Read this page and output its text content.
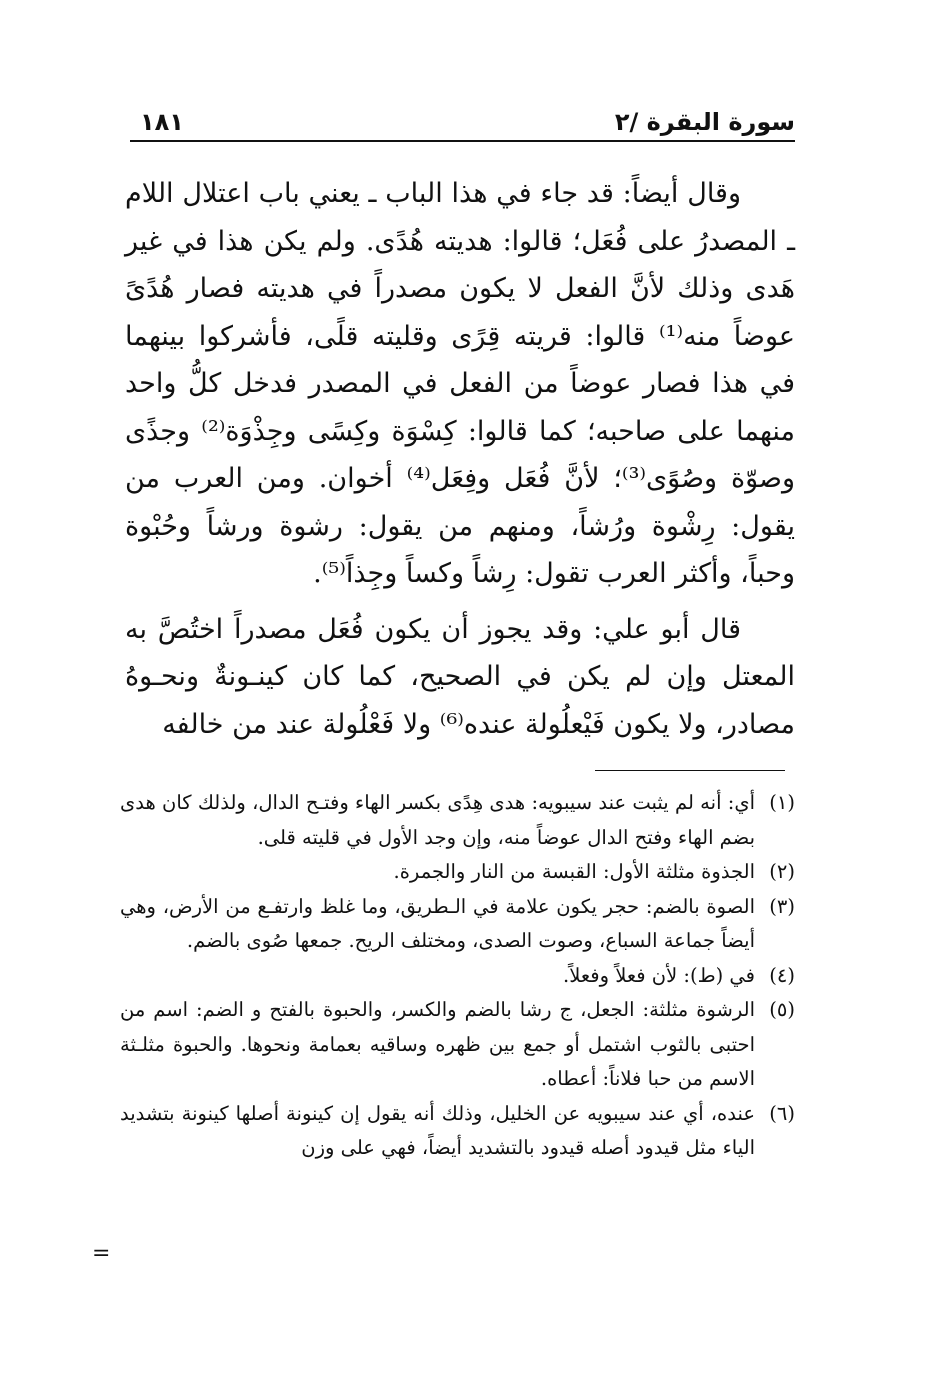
سورة البقرة /٢
١٨١

وقال أيضاً: قد جاء في هذا الباب ـ يعني باب اعتلال اللام ـ المصدرُ على فُعَل؛ قالوا: هديته هُدًى. ولم يكن هذا في غير هَدى وذلك لأنَّ الفعل لا يكون مصدراً في هديته فصار هُدًىً عوضاً منه⁽¹⁾ قالوا: قريته قِرًى وقليته قلًى، فأشركوا بينهما في هذا فصار عوضاً من الفعل في المصدر فدخل كلُّ واحد منهما على صاحبه؛ كما قالوا: كِسْوَة وكِسًى وجِذْوَة⁽²⁾ وجذًى وصوّة وصُوًى⁽³⁾؛ لأنَّ فُعَل وفِعَل⁽⁴⁾ أخوان. ومن العرب من يقول: رِشْوة ورُشاً، ومنهم من يقول: رشوة ورشاً وحُبْوة وحباً، وأكثر العرب تقول: رِشاً وكساً وجِذاً⁽⁵⁾.

قال أبو علي: وقد يجوز أن يكون فُعَل مصدراً اختُصَّ به المعتل وإن لم يكن في الصحيح، كما كان كينـونةٌ ونحـوهُ مصادر، ولا يكون فَيْعلُولة عنده⁽⁶⁾ ولا فَعْلُولة عند من خالفه

(١)
أي: أنه لم يثبت عند سيبويه: هدى هِدًى بكسر الهاء وفتـح الدال، ولذلك كان هدى بضم الهاء وفتح الدال عوضاً منه، وإن وجد الأول في قليته قلى.

(٢)
الجذوة مثلثة الأول: القبسة من النار والجمرة.

(٣)
الصوة بالضم: حجر يكون علامة في الـطريق، وما غلظ وارتفـع من الأرض، وهي أيضاً جماعة السباع، وصوت الصدى، ومختلف الريح. جمعها صُوى بالضم.

(٤)
في (ط): لأن فعلاً وفعلاً.

(٥)
الرشوة مثلثة: الجعل، ج رشا بالضم والكسر، والحبوة بالفتح و الضم: اسم من احتبى بالثوب اشتمل أو جمع بين ظهره وساقيه بعمامة ونحوها. والحبوة مثلـثة الاسم من حبا فلاناً: أعطاه.

(٦)
عنده، أي عند سيبويه عن الخليل، وذلك أنه يقول إن كينونة أصلها كينونة بتشديد الياء مثل قيدود أصله قيدود بالتشديد أيضاً، فهي على وزن

=
